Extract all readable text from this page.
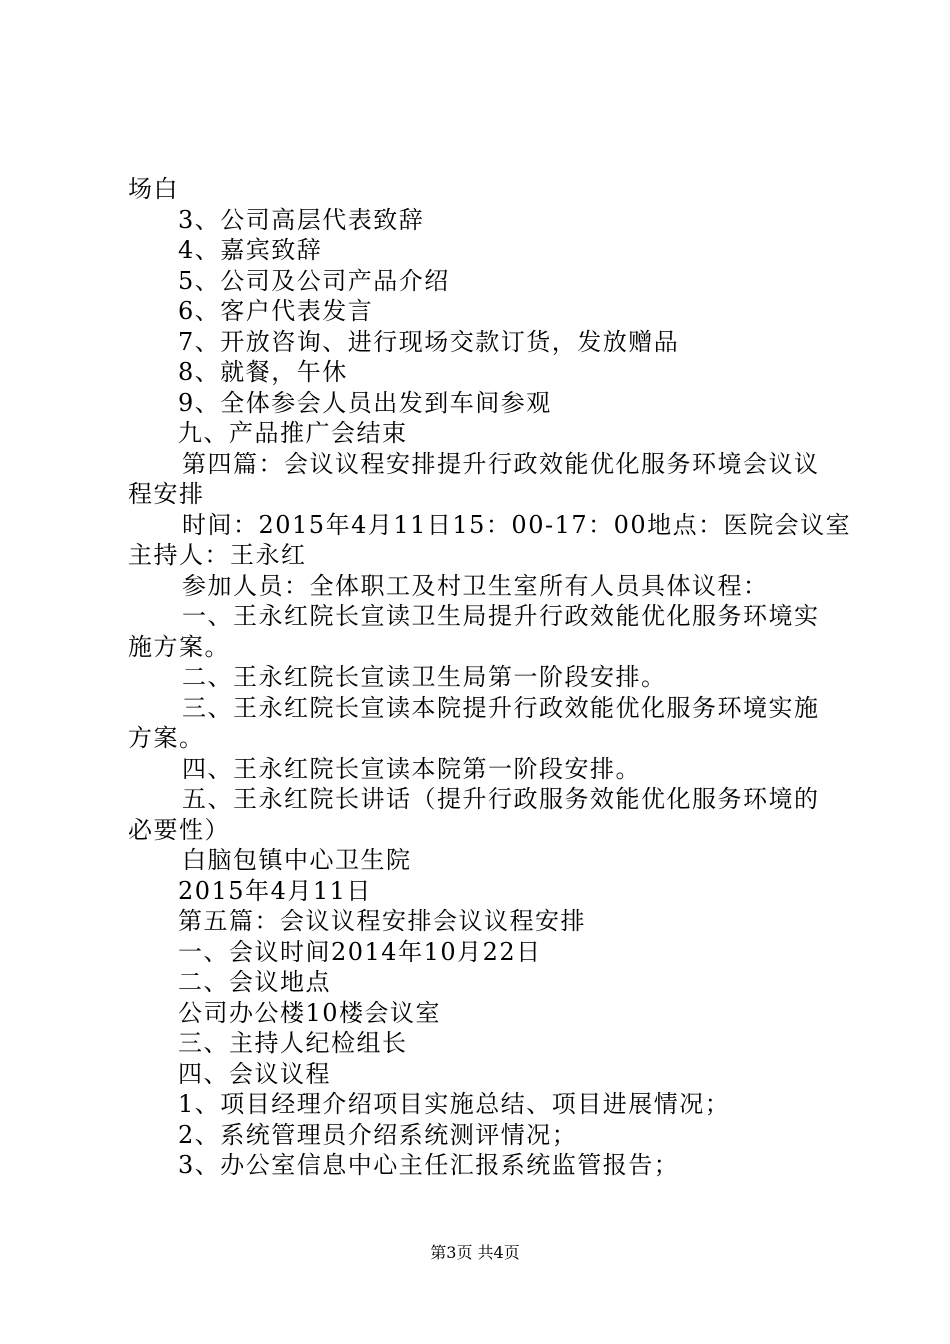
场白
3、公司高层代表致辞
4、嘉宾致辞
5、公司及公司产品介绍
6、客户代表发言
7、开放咨询、进行现场交款订货，发放赠品
8、就餐，午休
9、全体参会人员出发到车间参观
九、产品推广会结束
第四篇：会议议程安排提升行政效能优化服务环境会议议
程安排
时间：2015年4月11日15：00-17：00地点：医院会议室
主持人：王永红
参加人员：全体职工及村卫生室所有人员具体议程：
一、王永红院长宣读卫生局提升行政效能优化服务环境实
施方案。
二、王永红院长宣读卫生局第一阶段安排。
三、王永红院长宣读本院提升行政效能优化服务环境实施
方案。
四、王永红院长宣读本院第一阶段安排。
五、王永红院长讲话（提升行政服务效能优化服务环境的
必要性）
白脑包镇中心卫生院
2015年4月11日
第五篇：会议议程安排会议议程安排
一、会议时间2014年10月22日
二、会议地点
公司办公楼10楼会议室
三、主持人纪检组长
四、会议议程
1、项目经理介绍项目实施总结、项目进展情况；
2、系统管理员介绍系统测评情况；
3、办公室信息中心主任汇报系统监管报告；
第3页 共4页
